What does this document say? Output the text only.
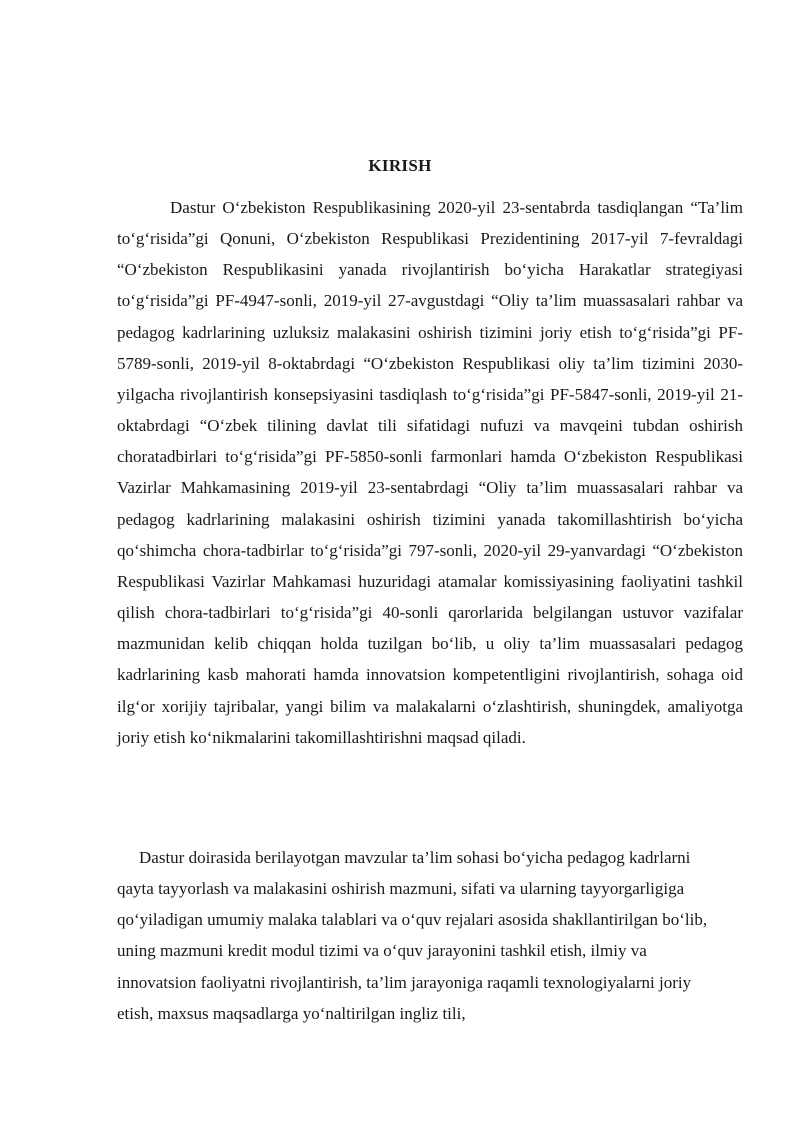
KIRISH

Dastur O‘zbekiston Respublikasining 2020-yil 23-sentabrda tasdiqlangan “Ta’lim to‘g‘risida”gi Qonuni, O‘zbekiston Respublikasi Prezidentining 2017-yil 7-fevraldagi “O‘zbekiston Respublikasini yanada rivojlantirish bo‘yicha Harakatlar strategiyasi to‘g‘risida”gi PF-4947-sonli, 2019-yil 27-avgustdagi “Oliy ta’lim muassasalari rahbar va pedagog kadrlarining uzluksiz malakasini oshirish tizimini joriy etish to‘g‘risida”gi PF-5789-sonli, 2019-yil 8-oktabrdagi “O‘zbekiston Respublikasi oliy ta’lim tizimini 2030-yilgacha rivojlantirish konsepsiyasini tasdiqlash to‘g‘risida”gi PF-5847-sonli, 2019-yil 21-oktabrdagi “O‘zbek tilining davlat tili sifatidagi nufuzi va mavqeini tubdan oshirish choratadbirlari to‘g‘risida”gi PF-5850-sonli farmonlari hamda O‘zbekiston Respublikasi Vazirlar Mahkamasining 2019-yil 23-sentabrdagi “Oliy ta’lim muassasalari rahbar va pedagog kadrlarining malakasini oshirish tizimini yanada takomillashtirish bo‘yicha qo‘shimcha chora-tadbirlar to‘g‘risida”gi 797-sonli, 2020-yil 29-yanvardagi “O‘zbekiston Respublikasi Vazirlar Mahkamasi huzuridagi atamalar komissiyasining faoliyatini tashkil qilish chora-tadbirlari to‘g‘risida”gi 40-sonli qarorlarida belgilangan ustuvor vazifalar mazmunidan kelib chiqqan holda tuzilgan bo‘lib, u oliy ta’lim muassasalari pedagog kadrlarining kasb mahorati hamda innovatsion kompetentligini rivojlantirish, sohaga oid ilg‘or xorijiy tajribalar, yangi bilim va malakalarni o‘zlashtirish, shuningdek, amaliyotga joriy etish ko‘nikmalarini takomillashtirishni maqsad qiladi.

Dastur doirasida berilayotgan mavzular ta’lim sohasi bo‘yicha pedagog kadrlarni qayta tayyorlash va malakasini oshirish mazmuni, sifati va ularning tayyorgarligiga qo‘yiladigan umumiy malaka talablari va o‘quv rejalari asosida shakllantirilgan bo‘lib, uning mazmuni kredit modul tizimi va o‘quv jarayonini tashkil etish, ilmiy va innovatsion faoliyatni rivojlantirish, ta’lim jarayoniga raqamli texnologiyalarni joriy etish, maxsus maqsadlarga yo‘naltirilgan ingliz tili,
